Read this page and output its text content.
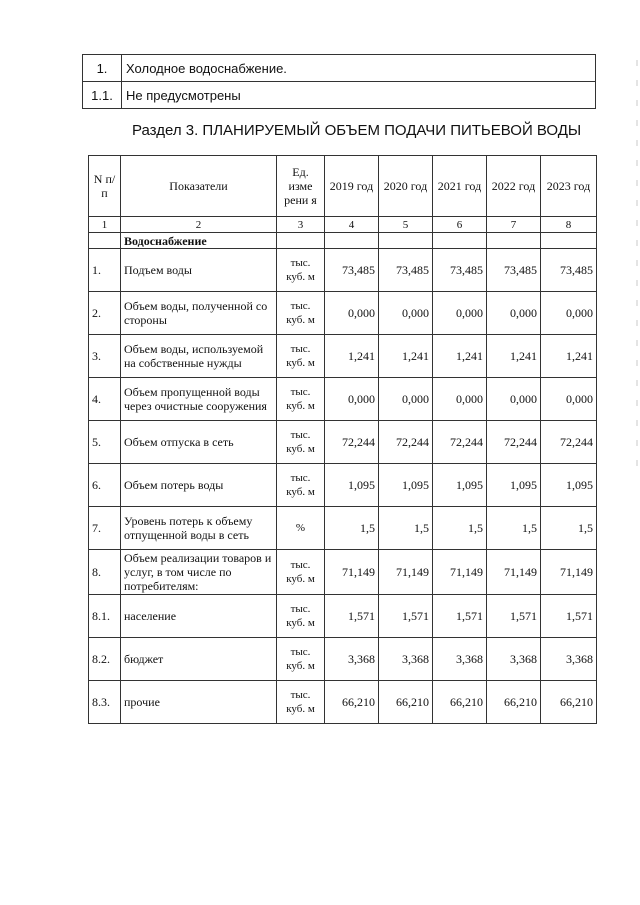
1.	Холодное водоснабжение.
1.1.	Не предусмотрены
Раздел 3. ПЛАНИРУЕМЫЙ ОБЪЕМ ПОДАЧИ ПИТЬЕВОЙ ВОДЫ
N п/п	Показатели	Ед. изме рени я	2019 год	2020 год	2021 год	2022 год	2023 год
1	2	3	4	5	6	7	8
	Водоснабжение						
1.	Подъем воды	тыс. куб. м	73,485	73,485	73,485	73,485	73,485
2.	Объем воды, полученной со стороны	тыс. куб. м	0,000	0,000	0,000	0,000	0,000
3.	Объем воды, используемой на собственные нужды	тыс. куб. м	1,241	1,241	1,241	1,241	1,241
4.	Объем пропущенной воды через очистные сооружения	тыс. куб. м	0,000	0,000	0,000	0,000	0,000
5.	Объем отпуска в сеть	тыс. куб. м	72,244	72,244	72,244	72,244	72,244
6.	Объем потерь воды	тыс. куб. м	1,095	1,095	1,095	1,095	1,095
7.	Уровень потерь к объему отпущенной воды в сеть	%	1,5	1,5	1,5	1,5	1,5
8.	Объем реализации товаров и услуг, в том числе по потребителям:	тыс. куб. м	71,149	71,149	71,149	71,149	71,149
8.1.	население	тыс. куб. м	1,571	1,571	1,571	1,571	1,571
8.2.	бюджет	тыс. куб. м	3,368	3,368	3,368	3,368	3,368
8.3.	прочие	тыс. куб. м	66,210	66,210	66,210	66,210	66,210
